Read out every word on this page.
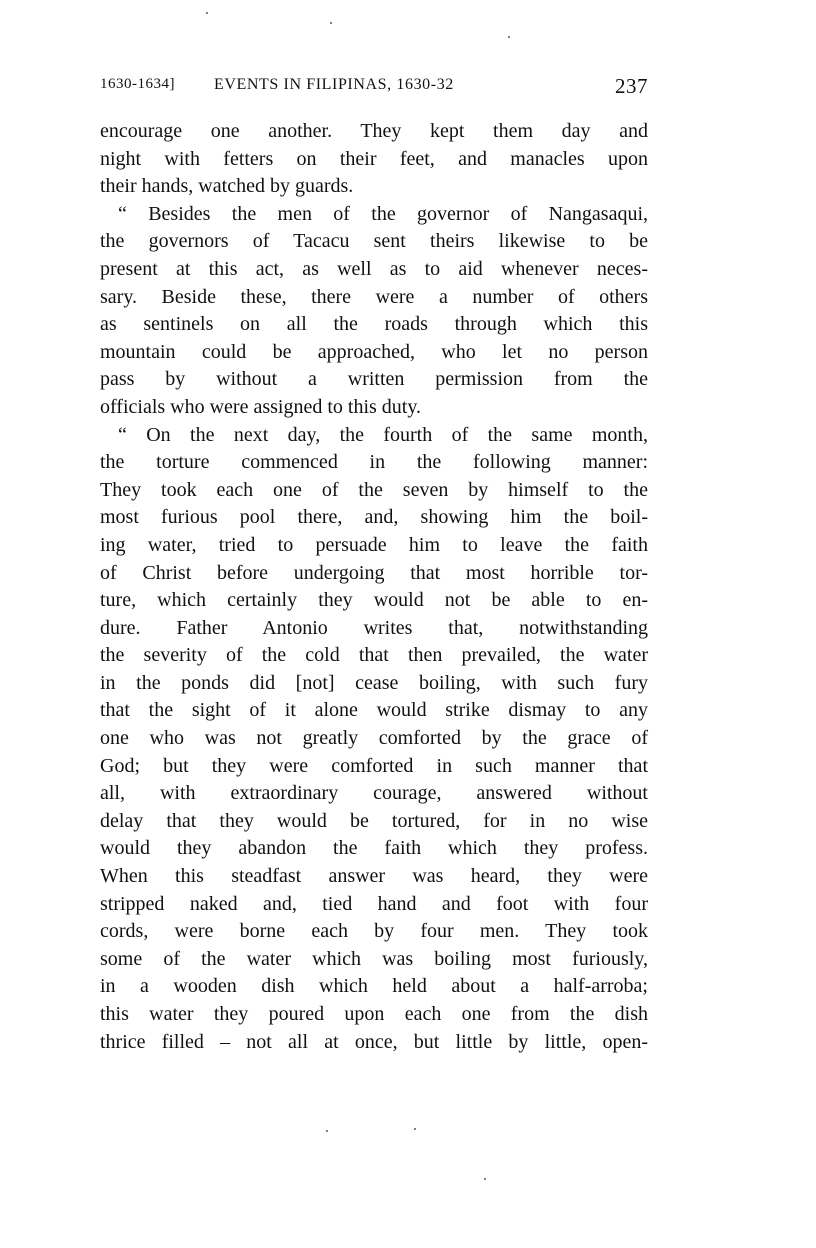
1630-1634] EVENTS IN FILIPINAS, 1630-32	237
encourage one another. They kept them day and
night with fetters on their feet, and manacles upon
their hands, watched by guards.
“ Besides the men of the governor of Nangasaqui,
the governors of Tacacu sent theirs likewise to be
present at this act, as well as to aid whenever neces-
sary. Beside these, there were a number of others
as sentinels on all the roads through which this
mountain could be approached, who let no person
pass by without a written permission from the
officials who were assigned to this duty.
“ On the next day, the fourth of the same month,
the torture commenced in the following manner:
They took each one of the seven by himself to the
most furious pool there, and, showing him the boil-
ing water, tried to persuade him to leave the faith
of Christ before undergoing that most horrible tor-
ture, which certainly they would not be able to en-
dure. Father Antonio writes that, notwithstanding
the severity of the cold that then prevailed, the water
in the ponds did [not] cease boiling, with such fury
that the sight of it alone would strike dismay to any
one who was not greatly comforted by the grace of
God; but they were comforted in such manner that
all, with extraordinary courage, answered without
delay that they would be tortured, for in no wise
would they abandon the faith which they profess.
When this steadfast answer was heard, they were
stripped naked and, tied hand and foot with four
cords, were borne each by four men. They took
some of the water which was boiling most furiously,
in a wooden dish which held about a half-arroba;
this water they poured upon each one from the dish
thrice filled – not all at once, but little by little, open-
